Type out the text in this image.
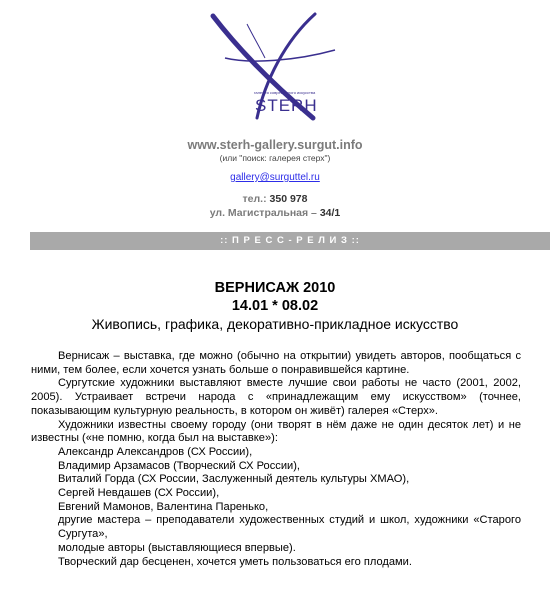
галерея современного искусства
STERH
www.sterh-gallery.surgut.info
(или "поиск: галерея стерх")
gallery@surguttel.ru
тел.: 350 978
ул. Магистральная – 34/1
:: П Р Е С С - Р Е Л И З ::
ВЕРНИСАЖ 2010
14.01 * 08.02
Живопись, графика, декоративно-прикладное искусство

Вернисаж – выставка, где можно (обычно на открытии) увидеть авторов, пообщаться с ними, тем более, если хочется узнать больше о понравившейся картине.

Сургутские художники выставляют вместе лучшие свои работы не часто (2001, 2002, 2005). Устраивает встречи народа с «принадлежащим ему искусством» (точнее, показывающим культурную реальность, в котором он живёт) галерея «Стерх».

Художники известны своему городу (они творят в нём даже не один десяток лет) и не известны («не помню, когда был на выставке»):

Александр Александров (СХ России),
Владимир Арзамасов (Творческий СХ России),
Виталий Горда (СХ России, Заслуженный деятель культуры ХМАО),
Сергей Невдашев (СХ России),
Евгений Мамонов, Валентина Паренько,
другие мастера – преподаватели художественных студий и школ, художники «Старого Сургута»,
молодые авторы (выставляющиеся впервые).

Творческий дар бесценен, хочется уметь пользоваться его плодами.
